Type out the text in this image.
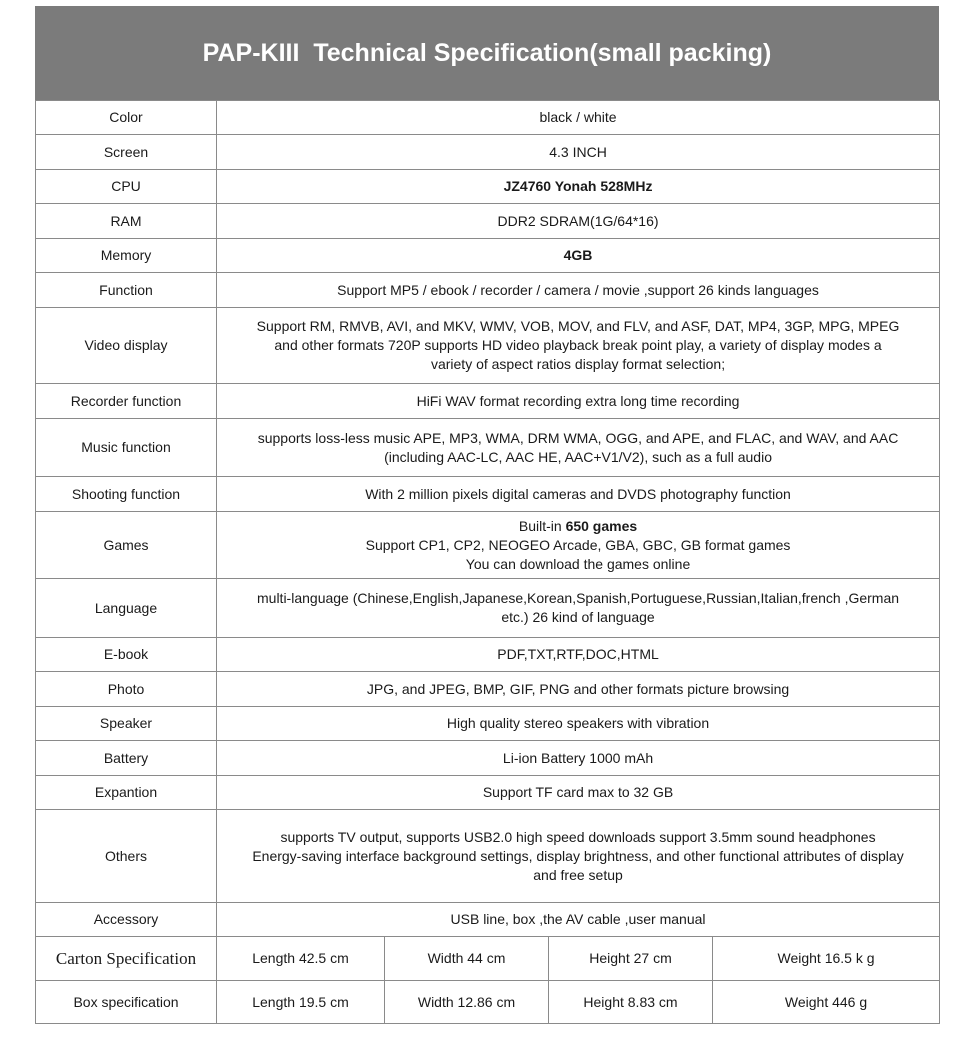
PAP-KIII  Technical Specification(small packing)
Color	black / white			
Screen	4.3 INCH			
CPU	JZ4760 Yonah 528MHz			
RAM	DDR2 SDRAM(1G/64*16)			
Memory	4GB			
Function	Support MP5 / ebook / recorder / camera / movie ,support 26 kinds languages			
Video display	Support RM, RMVB, AVI, and MKV, WMV, VOB, MOV, and FLV, and ASF, DAT, MP4, 3GP, MPG, MPEG
and other formats 720P supports HD video playback break point play, a variety of display modes a
variety of aspect ratios display format selection;			

Recorder function	HiFi WAV format recording extra long time recording			
Music function	supports loss-less music APE, MP3, WMA, DRM WMA, OGG, and APE, and FLAC, and WAV, and AAC
(including AAC-LC, AAC HE, AAC+V1/V2), such as a full audio			

Shooting function	With 2 million pixels digital cameras and DVDS photography function			
Games	Built-in 650 games
Support CP1, CP2, NEOGEO Arcade, GBA, GBC, GB format games
You can download the games online			

Language	multi-language (Chinese,English,Japanese,Korean,Spanish,Portuguese,Russian,Italian,french ,German
etc.) 26 kind of language			

E-book	PDF,TXT,RTF,DOC,HTML			
Photo	JPG, and JPEG, BMP, GIF, PNG and other formats picture browsing			
Speaker	High quality stereo speakers with vibration			
Battery	Li-ion Battery 1000 mAh			
Expantion	Support TF card max to 32 GB			
Others	supports TV output, supports USB2.0 high speed downloads support 3.5mm sound headphones
Energy-saving interface background settings, display brightness, and other functional attributes of display
and free setup			

Accessory	USB line, box ,the AV cable ,user manual			
Carton Specification	Length 42.5 cm	Width 44 cm	Height 27 cm	Weight 16.5 k g
Box specification	Length 19.5 cm	Width 12.86 cm	Height 8.83 cm	Weight 446 g
